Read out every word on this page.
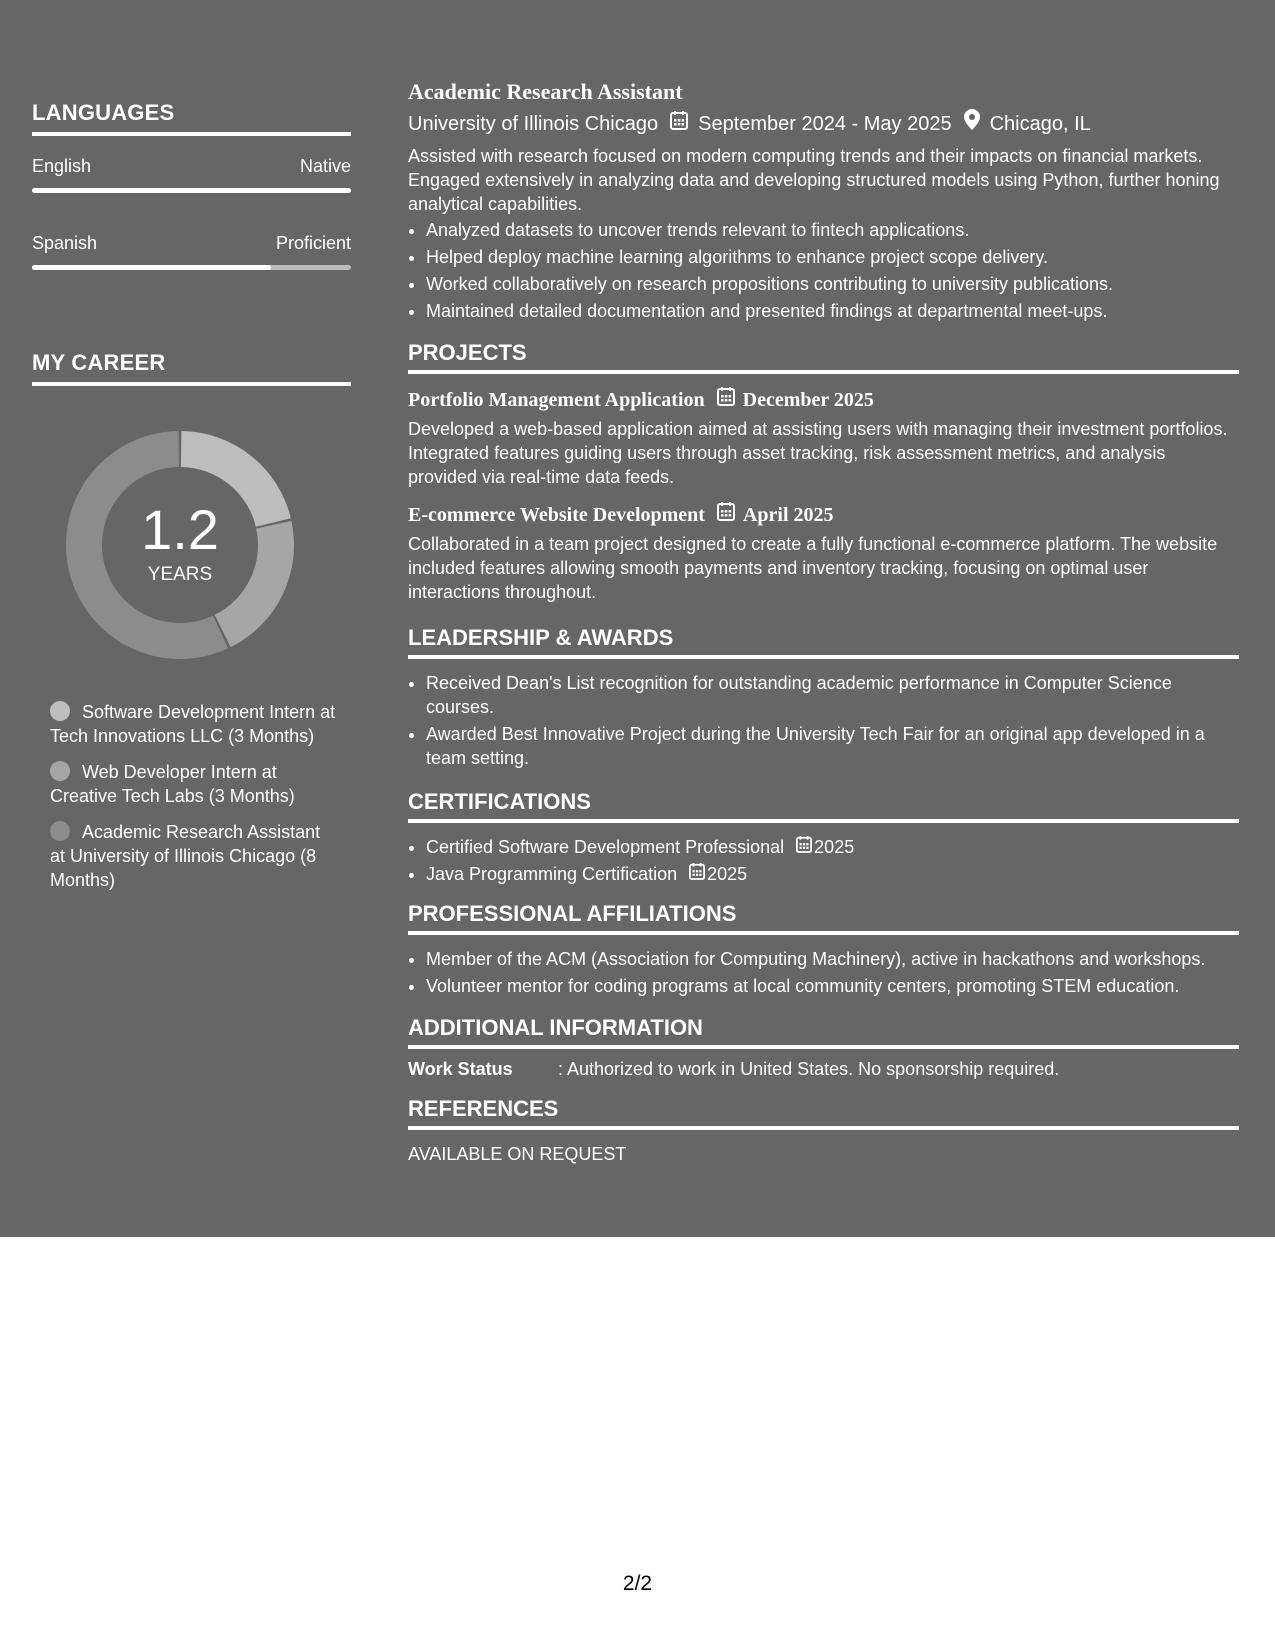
LANGUAGES
English	Native
Spanish	Proficient
MY CAREER
1.2
YEARS
Software Development Intern at Tech Innovations LLC (3 Months)
Web Developer Intern at Creative Tech Labs (3 Months)
Academic Research Assistant at University of Illinois Chicago (8 Months)
Academic Research Assistant
University of Illinois Chicago September 2024 - May 2025 Chicago, IL

Assisted with research focused on modern computing trends and their impacts on financial markets. Engaged extensively in analyzing data and developing structured models using Python, further honing analytical capabilities.

• Analyzed datasets to uncover trends relevant to fintech applications.
• Helped deploy machine learning algorithms to enhance project scope delivery.
• Worked collaboratively on research propositions contributing to university publications.
• Maintained detailed documentation and presented findings at departmental meet-ups.
PROJECTS
Portfolio Management Application December 2025

Developed a web-based application aimed at assisting users with managing their investment portfolios. Integrated features guiding users through asset tracking, risk assessment metrics, and analysis provided via real-time data feeds.

E-commerce Website Development April 2025

Collaborated in a team project designed to create a fully functional e-commerce platform. The website included features allowing smooth payments and inventory tracking, focusing on optimal user interactions throughout.

LEADERSHIP & AWARDS
• Received Dean's List recognition for outstanding academic performance in Computer Science courses.
• Awarded Best Innovative Project during the University Tech Fair for an original app developed in a team setting.
CERTIFICATIONS
• Certified Software Development Professional 2025
• Java Programming Certification 2025
PROFESSIONAL AFFILIATIONS
• Member of the ACM (Association for Computing Machinery), active in hackathons and workshops.
• Volunteer mentor for coding programs at local community centers, promoting STEM education.
ADDITIONAL INFORMATION
Work Status	: Authorized to work in United States. No sponsorship required.
REFERENCES
AVAILABLE ON REQUEST
2/2
